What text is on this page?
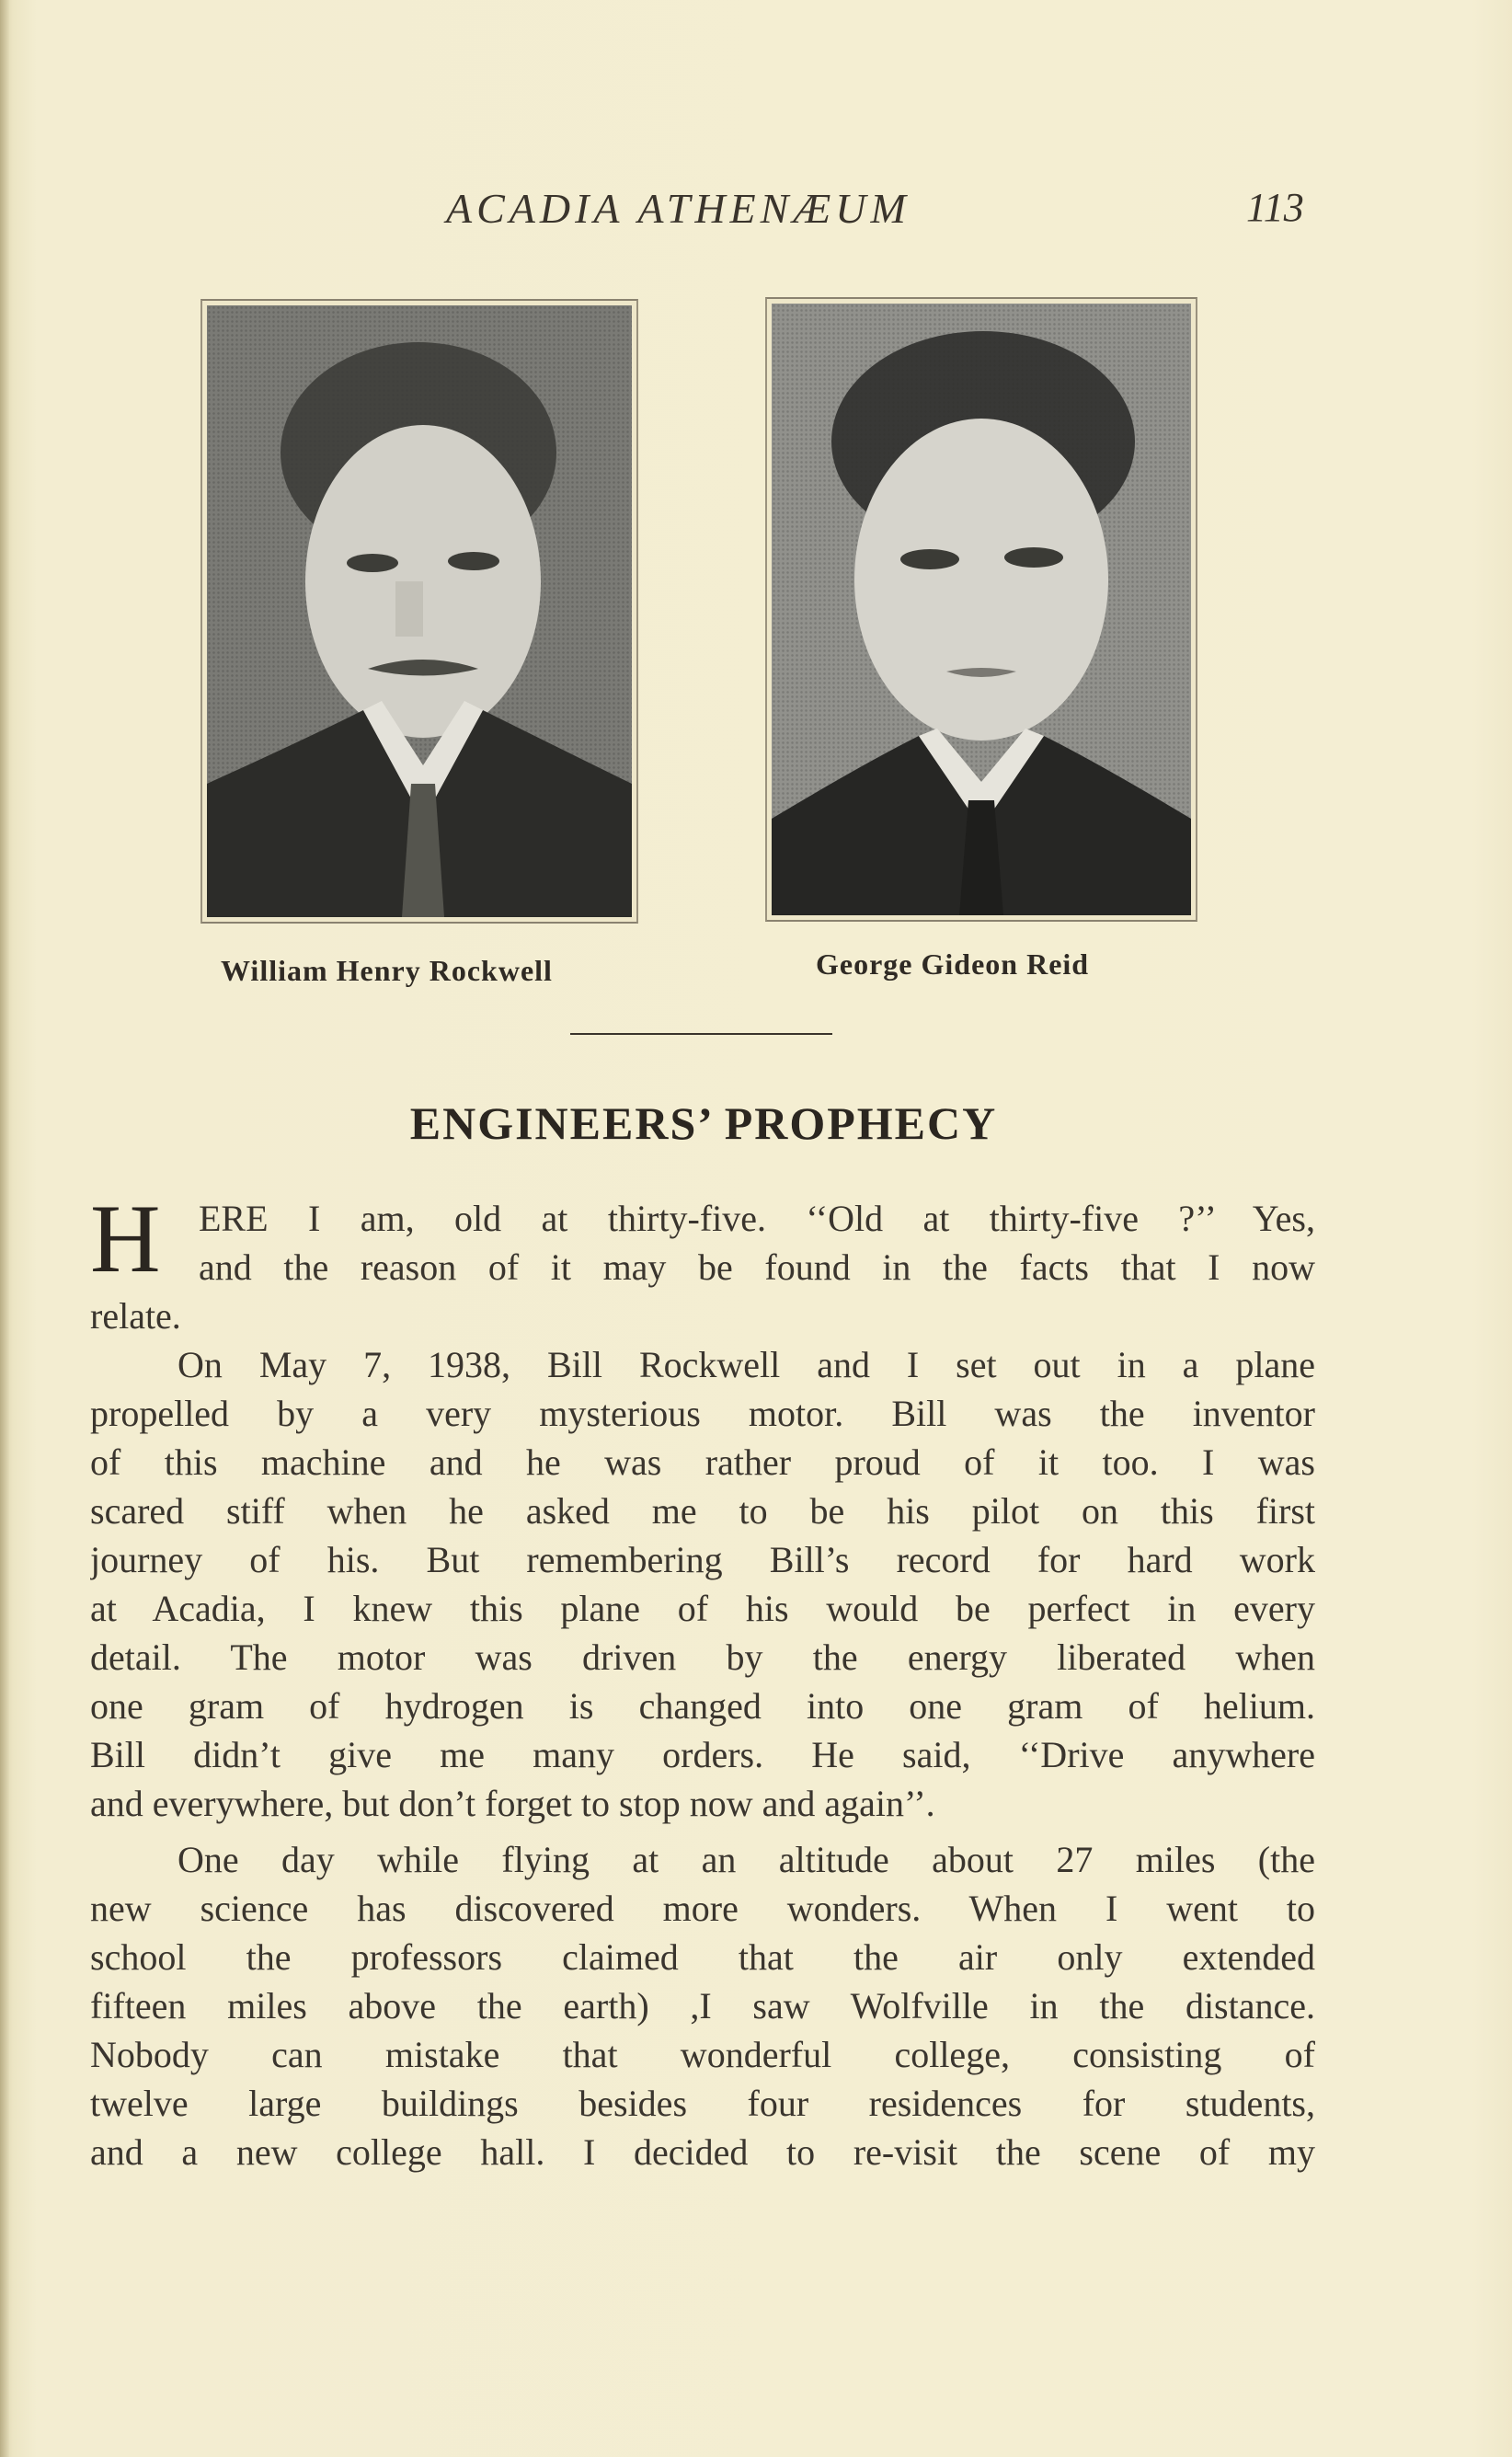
ACADIA ATHENÆUM	113
William Henry Rockwell	George Gideon Reid
ENGINEERS’ PROPHECY
H	ERE I am, old at thirty-five. ‘‘Old at thirty-five ?’’ Yes,
and the reason of it may be found in the facts that I now
relate.
On May 7, 1938, Bill Rockwell and I set out in a plane
propelled by a very mysterious motor. Bill was the inventor
of this machine and he was rather proud of it too. I was
scared stiff when he asked me to be his pilot on this first
journey of his. But remembering Bill’s record for hard work
at Acadia, I knew this plane of his would be perfect in every
detail. The motor was driven by the energy liberated when
one gram of hydrogen is changed into one gram of helium.
Bill didn’t give me many orders. He said, ‘‘Drive anywhere
and everywhere, but don’t forget to stop now and again’’.
One day while flying at an altitude about 27 miles (the
new science has discovered more wonders. When I went to
school the professors claimed that the air only extended
fifteen miles above the earth) ,I saw Wolfville in the distance.
Nobody can mistake that wonderful college, consisting of
twelve large buildings besides four residences for students,
and a new college hall. I decided to re-visit the scene of my
